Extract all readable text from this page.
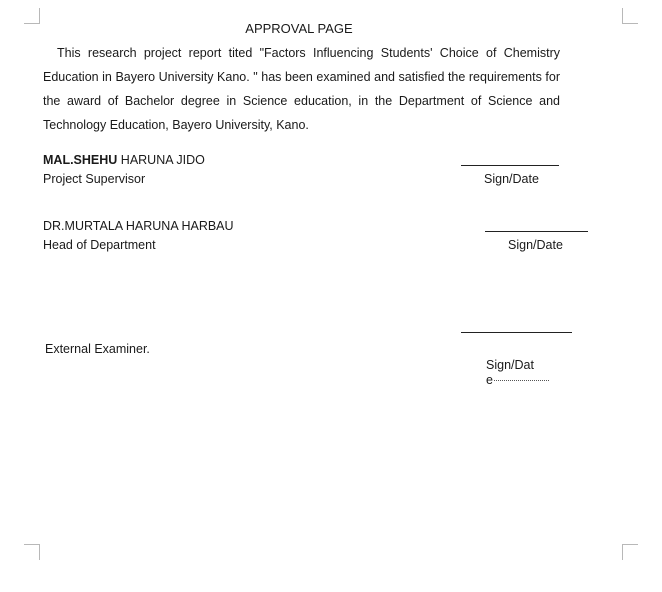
APPROVAL PAGE

This research project report tited "Factors Influencing Students' Choice of Chemistry Education in Bayero University Kano. " has been examined and satisfied the requirements for the award of Bachelor degree in Science education, in the Department of Science and Technology Education, Bayero University, Kano.

MAL.SHEHU HARUNA JIDO
Project Supervisor	Sign/Date
DR.MURTALA HARUNA HARBAU
Head of Department	Sign/Date
External Examiner.
Sign/Dat
e
